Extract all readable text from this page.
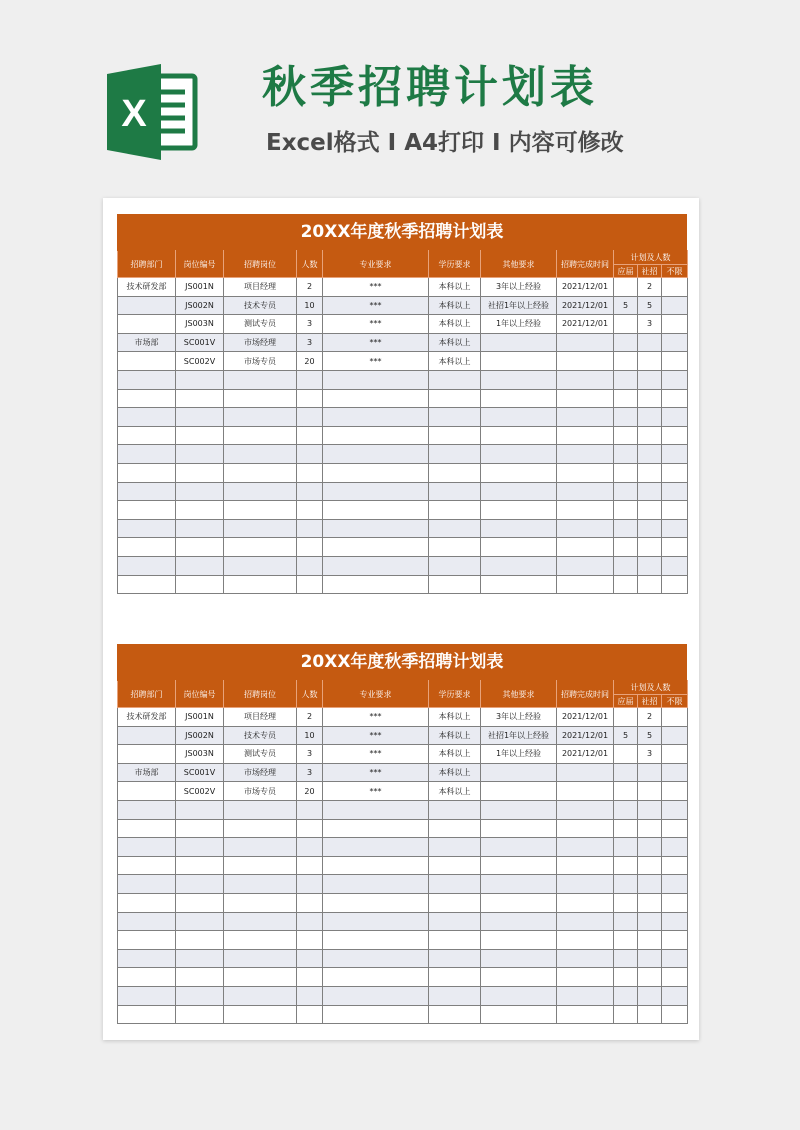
X
秋季招聘计划表
Excel格式 I A4打印 I 内容可修改
20XX年度秋季招聘计划表
招聘部门	岗位编号	招聘岗位	人数	专业要求	学历要求	其他要求	招聘完成时间	计划及人数		
								应届	社招	不限
技术研发部	JS001N	项目经理	2	***	本科以上	3年以上经验	2021/12/01		2	
	JS002N	技术专员	10	***	本科以上	社招1年以上经验	2021/12/01	5	5	
	JS003N	测试专员	3	***	本科以上	1年以上经验	2021/12/01		3	
市场部	SC001V	市场经理	3	***	本科以上					
	SC002V	市场专员	20	***	本科以上					

20XX年度秋季招聘计划表
招聘部门	岗位编号	招聘岗位	人数	专业要求	学历要求	其他要求	招聘完成时间	计划及人数		
								应届	社招	不限
技术研发部	JS001N	项目经理	2	***	本科以上	3年以上经验	2021/12/01		2	
	JS002N	技术专员	10	***	本科以上	社招1年以上经验	2021/12/01	5	5	
	JS003N	测试专员	3	***	本科以上	1年以上经验	2021/12/01		3	
市场部	SC001V	市场经理	3	***	本科以上					
	SC002V	市场专员	20	***	本科以上					
